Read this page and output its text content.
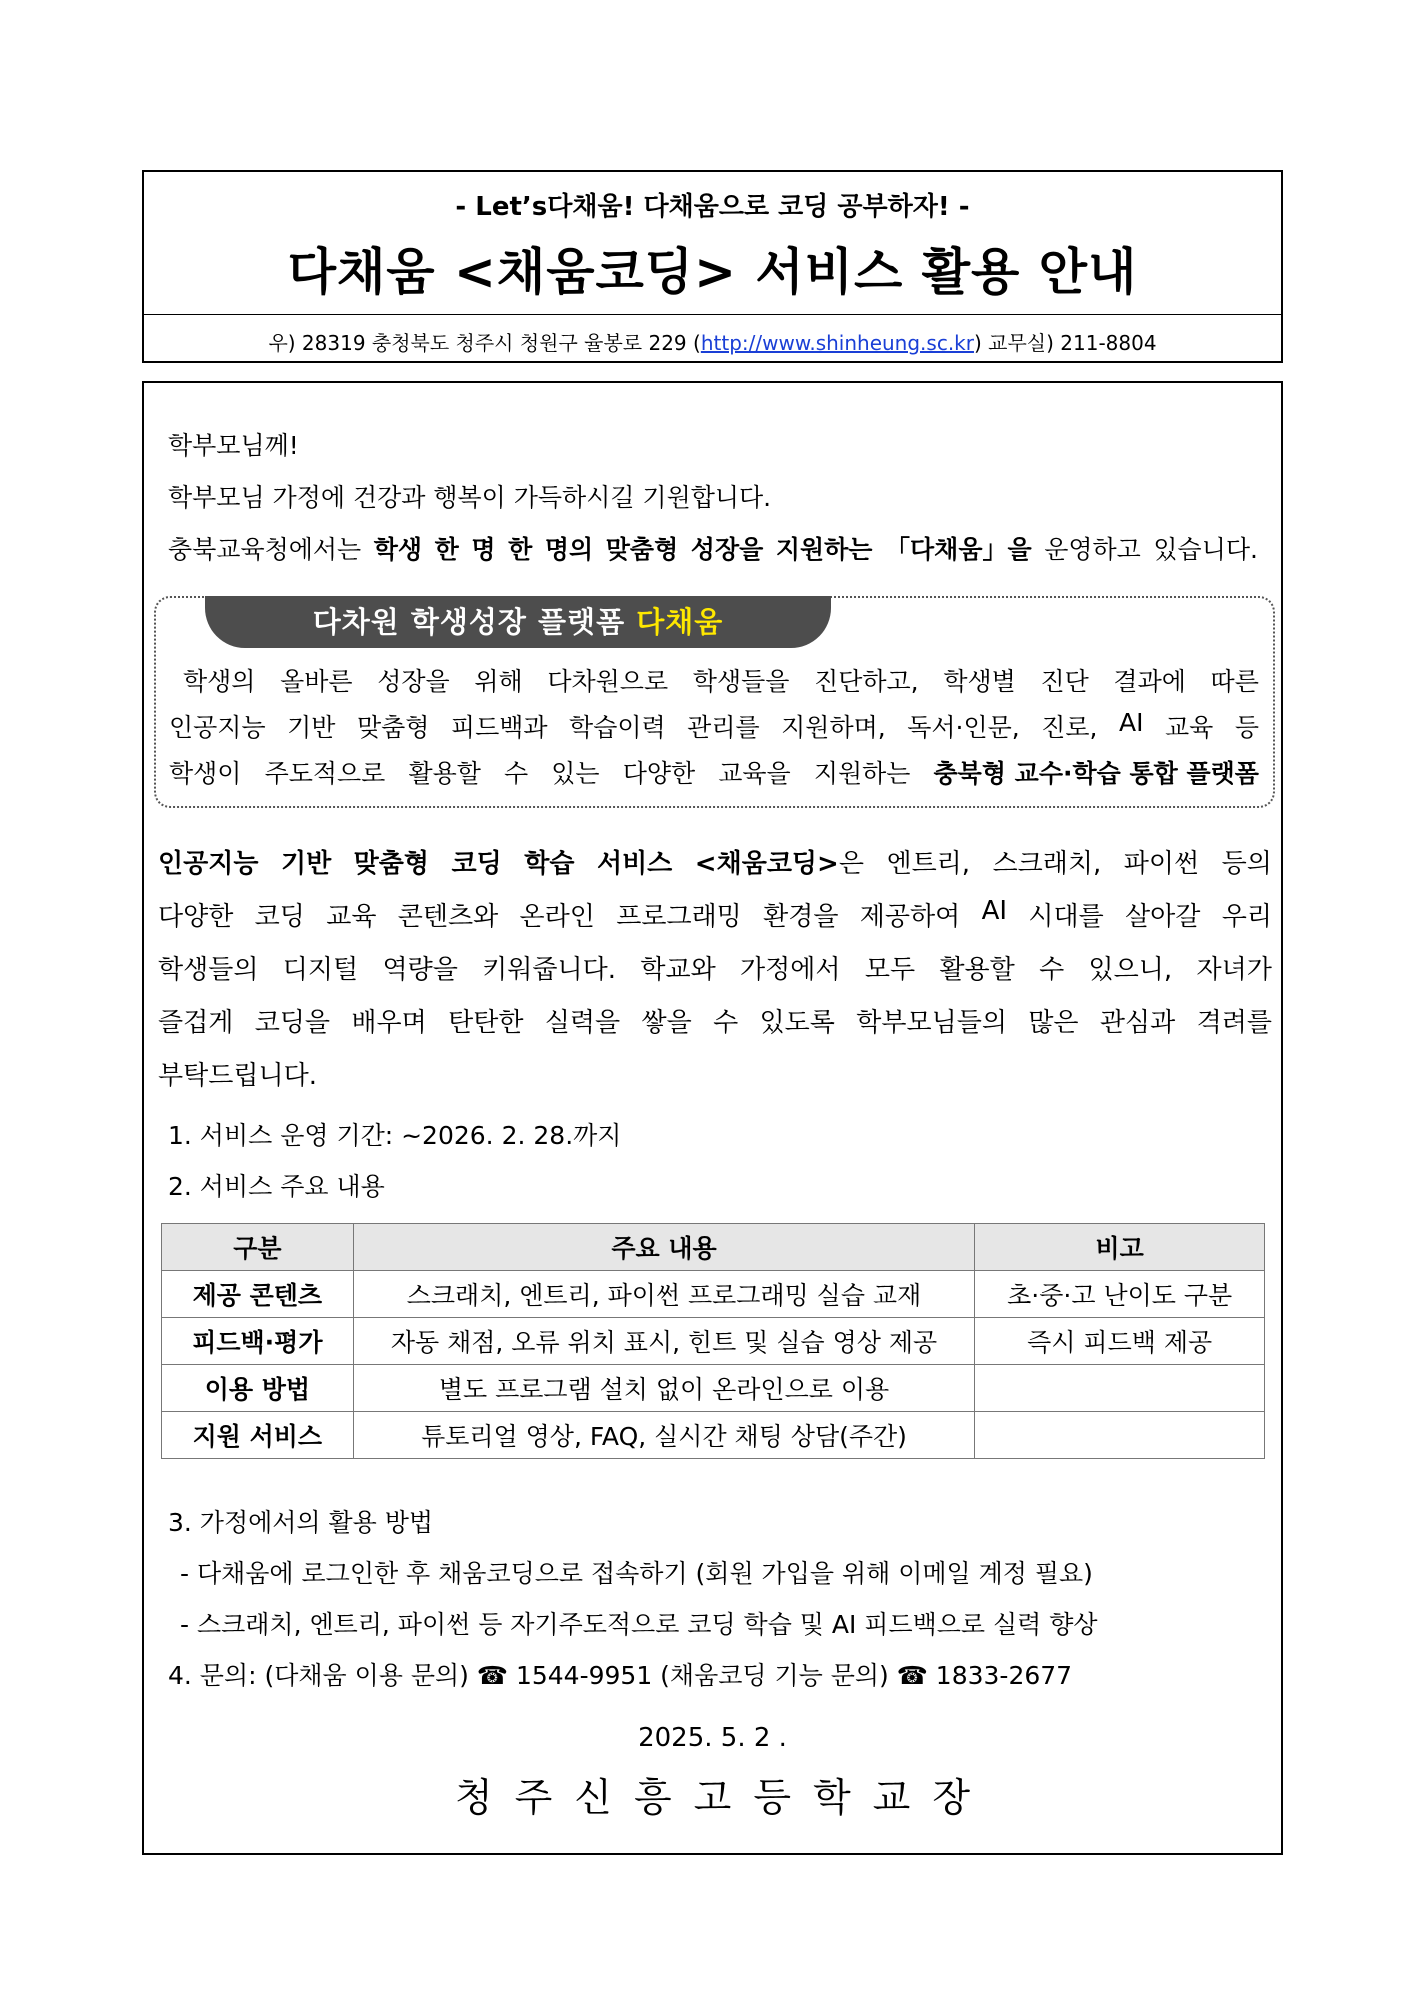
- Let’s다채움! 다채움으로 코딩 공부하자! -
다채움 <채움코딩> 서비스 활용 안내
우) 28319 충청북도 청주시 청원구 율봉로 229 (http://www.shinheung.sc.kr) 교무실) 211-8804
학부모님께!
학부모님 가정에 건강과 행복이 가득하시길 기원합니다.
충북교육청에서는 학생 한 명 한 명의 맞춤형 성장을 지원하는 「다채움」을 운영하고 있습니다.
다차원 학생성장 플랫폼 다채움
학생의 올바른 성장을 위해 다차원으로 학생들을 진단하고, 학생별 진단 결과에 따른
인공지능 기반 맞춤형 피드백과 학습이력 관리를 지원하며, 독서·인문, 진로, AI 교육 등
학생이 주도적으로 활용할 수 있는 다양한 교육을 지원하는 충북형 교수·학습 통합 플랫폼
인공지능 기반 맞춤형 코딩 학습 서비스 <채움코딩>은 엔트리, 스크래치, 파이썬 등의
다양한 코딩 교육 콘텐츠와 온라인 프로그래밍 환경을 제공하여 AI 시대를 살아갈 우리
학생들의 디지털 역량을 키워줍니다. 학교와 가정에서 모두 활용할 수 있으니, 자녀가
즐겁게 코딩을 배우며 탄탄한 실력을 쌓을 수 있도록 학부모님들의 많은 관심과 격려를
부탁드립니다.
1. 서비스 운영 기간: ~2026. 2. 28.까지
2. 서비스 주요 내용
구분	주요 내용	비고
제공 콘텐츠	스크래치, 엔트리, 파이썬 프로그래밍 실습 교재	초·중·고 난이도 구분
피드백·평가	자동 채점, 오류 위치 표시, 힌트 및 실습 영상 제공	즉시 피드백 제공
이용 방법	별도 프로그램 설치 없이 온라인으로 이용	
지원 서비스	튜토리얼 영상, FAQ, 실시간 채팅 상담(주간)	
3. 가정에서의 활용 방법
- 다채움에 로그인한 후 채움코딩으로 접속하기 (회원 가입을 위해 이메일 계정 필요)
- 스크래치, 엔트리, 파이썬 등 자기주도적으로 코딩 학습 및 AI 피드백으로 실력 향상
4. 문의: (다채움 이용 문의) ☎ 1544-9951 (채움코딩 기능 문의) ☎ 1833-2677
2025. 5. 2 .
청주신흥고등학교장
